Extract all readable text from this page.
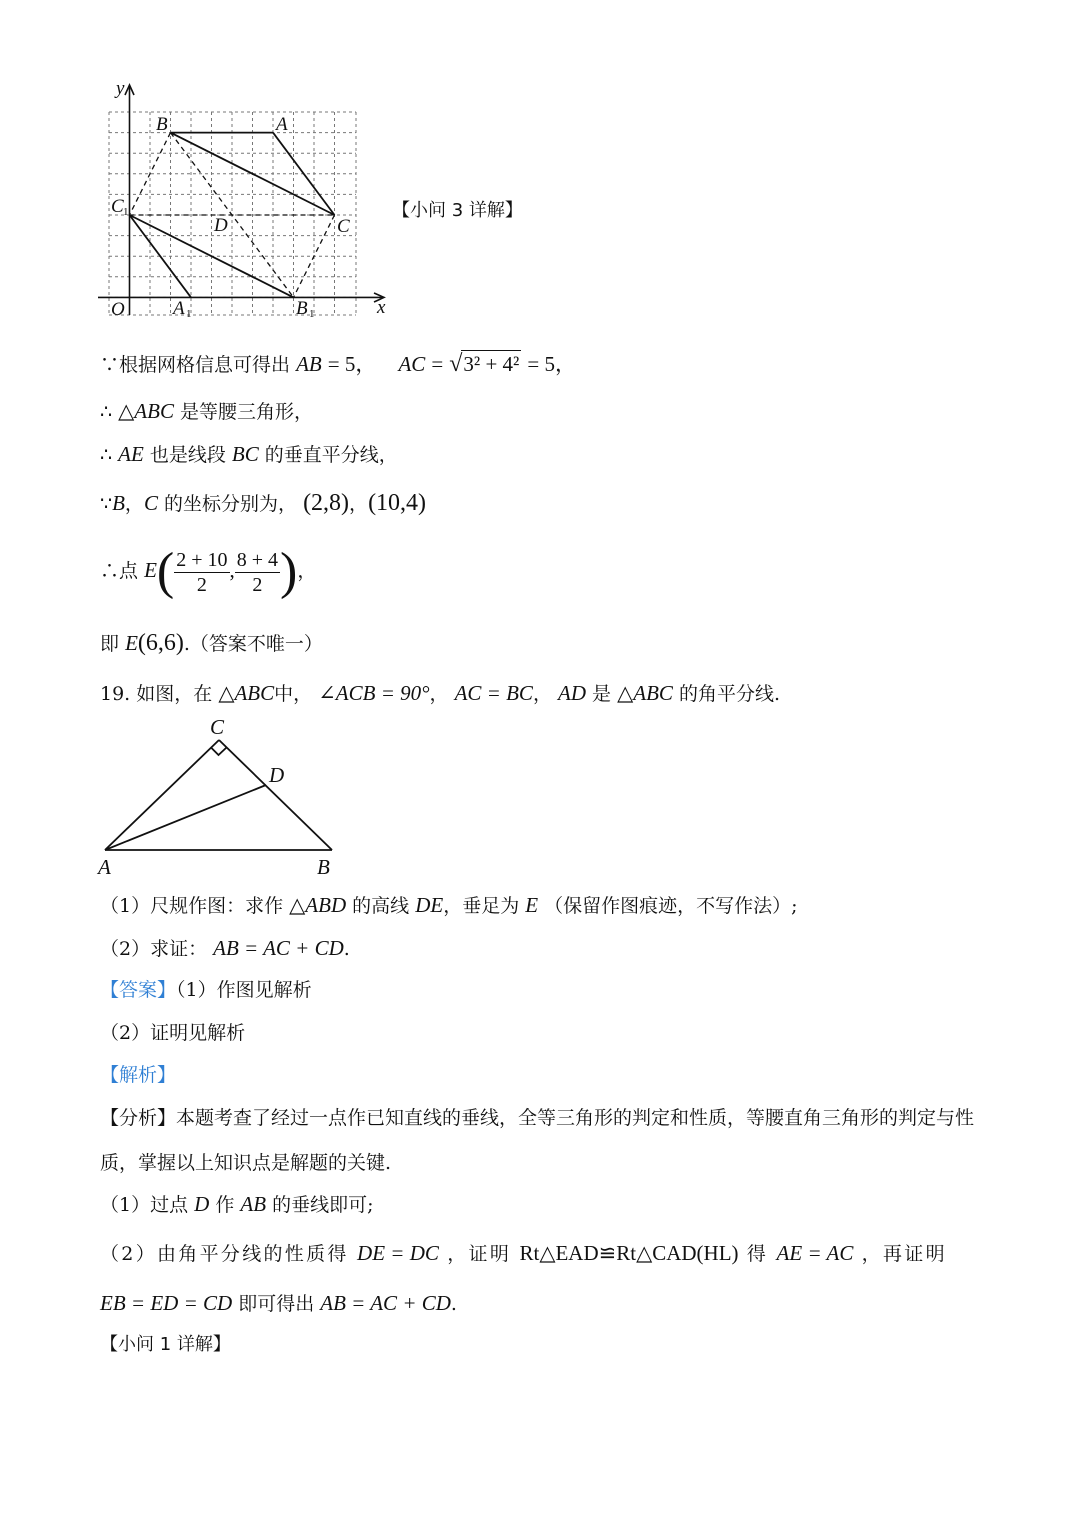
y
x
O
B	A
C
C 1
D
A 1	B 1
【小问 3 详解】
∵根据网格信息可得出 AB = 5， AC = √3² + 4² = 5，
∴ △ABC 是等腰三角形，
∴ AE 也是线段 BC 的垂直平分线，
∵B，C 的坐标分别为， (2,8)，(10,4)
∴点 $E( \frac{2 + 10}{2}$ , $\frac{8 + 4}{2}$ )，
即 E(6,6).（答案不唯一）
19. 如图，在 △ABC中， ∠ACB = 90°， AC = BC， AD 是 △ABC 的角平分线.
C
D
A	B
（1）尺规作图：求作 △ABD 的高线 DE，垂足为 E （保留作图痕迹，不写作法）;
（2）求证： AB = AC + CD.
【答案】（1）作图见解析
（2）证明见解析
【解析】
【分析】本题考查了经过一点作已知直线的垂线，全等三角形的判定和性质，等腰直角三角形的判定与性
质，掌握以上知识点是解题的关键.
（1）过点 D 作 AB 的垂线即可;
（2）由角平分线的性质得 DE = DC ，证明 Rt△EAD≌Rt△CAD(HL) 得 AE = AC ，再证明
EB = ED = CD 即可得出 AB = AC + CD.
【小问 1 详解】
